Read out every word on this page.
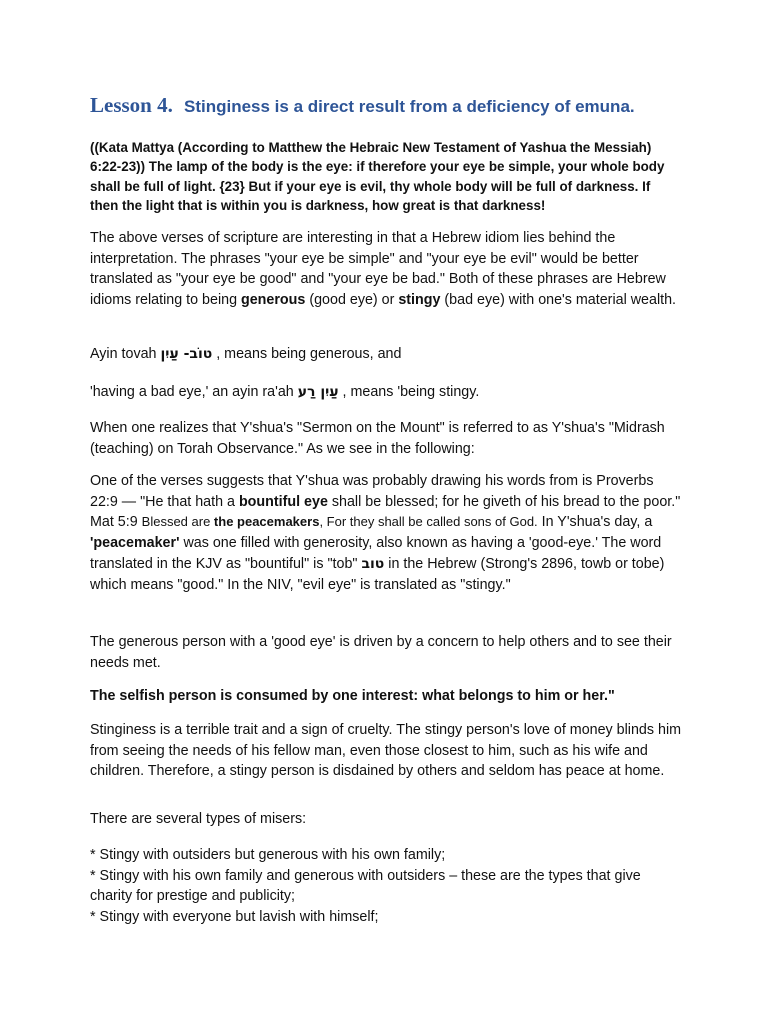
Lesson 4. Stinginess is a direct result from a deficiency of emuna.

((Kata Mattya (According to Matthew the Hebraic New Testament of Yashua the Messiah) 6:22-23)) The lamp of the body is the eye: if therefore your eye be simple, your whole body shall be full of light. {23} But if your eye is evil, thy whole body will be full of darkness. If then the light that is within you is darkness, how great is that darkness!

The above verses of scripture are interesting in that a Hebrew idiom lies behind the interpretation. The phrases "your eye be simple" and "your eye be evil" would be better translated as "your eye be good" and "your eye be bad." Both of these phrases are Hebrew idioms relating to being generous (good eye) or stingy (bad eye) with one's material wealth.

Ayin tovah טוֹב- עַיִן , means being generous, and

'having a bad eye,' an ayin ra'ah עַיִן רַע , means 'being stingy.

When one realizes that Y'shua's "Sermon on the Mount" is referred to as Y'shua's "Midrash (teaching) on Torah Observance." As we see in the following:

One of the verses suggests that Y'shua was probably drawing his words from is Proverbs 22:9 — "He that hath a bountiful eye shall be blessed; for he giveth of his bread to the poor." Mat 5:9 Blessed are the peacemakers, For they shall be called sons of God. In Y'shua's day, a 'peacemaker' was one filled with generosity, also known as having a 'good-eye.' The word translated in the KJV as "bountiful" is "tob" טוב in the Hebrew (Strong's 2896, towb or tobe) which means "good." In the NIV, "evil eye" is translated as "stingy."

The generous person with a 'good eye' is driven by a concern to help others and to see their needs met.

The selfish person is consumed by one interest: what belongs to him or her."

Stinginess is a terrible trait and a sign of cruelty. The stingy person's love of money blinds him from seeing the needs of his fellow man, even those closest to him, such as his wife and children. Therefore, a stingy person is disdained by others and seldom has peace at home.

There are several types of misers:

* Stingy with outsiders but generous with his own family;
* Stingy with his own family and generous with outsiders – these are the types that give charity for prestige and publicity;
* Stingy with everyone but lavish with himself;
